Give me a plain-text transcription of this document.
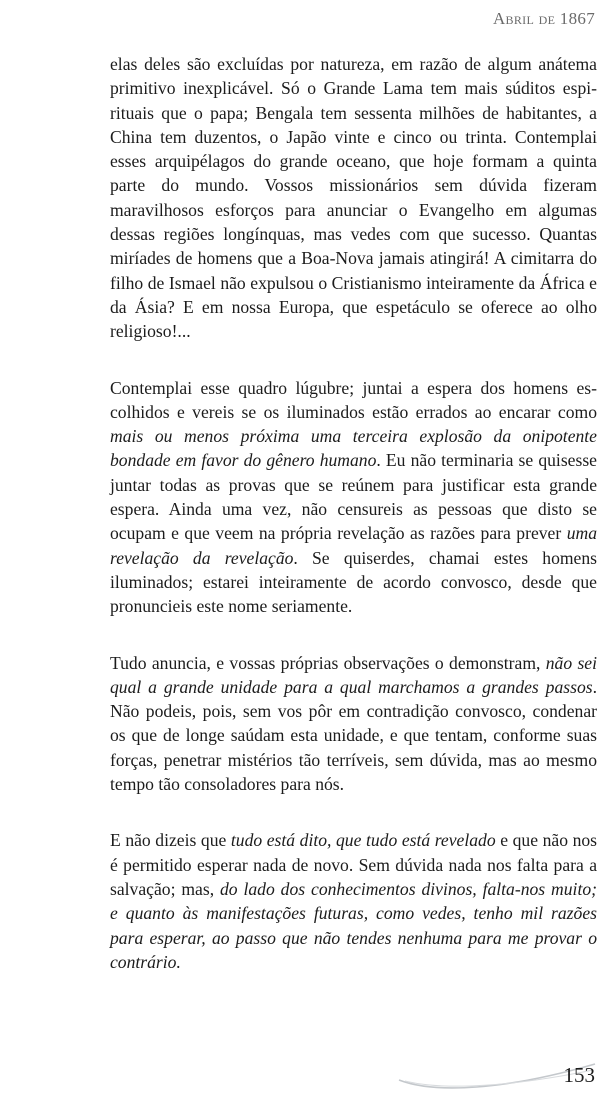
Abril de 1867

elas deles são excluídas por natureza, em razão de algum anátema primitivo inexplicável. Só o Grande Lama tem mais súditos espirituais que o papa; Bengala tem sessenta milhões de habitantes, a China tem duzentos, o Japão vinte e cinco ou trinta. Contemplai esses arquipélagos do grande oceano, que hoje formam a quinta parte do mundo. Vossos missionários sem dúvida fizeram maravilhosos esforços para anunciar o Evangelho em algumas dessas regiões longínquas, mas vedes com que sucesso. Quantas miríades de homens que a Boa-Nova jamais atingirá! A cimitarra do filho de Ismael não expulsou o Cristianismo inteiramente da África e da Ásia? E em nossa Europa, que espetáculo se oferece ao olho religioso!...

Contemplai esse quadro lúgubre; juntai a espera dos homens escolhidos e vereis se os iluminados estão errados ao encarar como mais ou menos próxima uma terceira explosão da onipotente bondade em favor do gênero humano. Eu não terminaria se quisesse juntar todas as provas que se reúnem para justificar esta grande espera. Ainda uma vez, não censureis as pessoas que disto se ocupam e que veem na própria revelação as razões para prever uma revelação da revelação. Se quiserdes, chamai estes homens iluminados; estarei inteiramente de acordo convosco, desde que pronuncieis este nome seriamente.

Tudo anuncia, e vossas próprias observações o demonstram, não sei qual a grande unidade para a qual marchamos a grandes passos. Não podeis, pois, sem vos pôr em contradição convosco, condenar os que de longe saúdam esta unidade, e que tentam, conforme suas forças, penetrar mistérios tão terríveis, sem dúvida, mas ao mesmo tempo tão consoladores para nós.

E não dizeis que tudo está dito, que tudo está revelado e que não nos é permitido esperar nada de novo. Sem dúvida nada nos falta para a salvação; mas, do lado dos conhecimentos divinos, falta-nos muito; e quanto às manifestações futuras, como vedes, tenho mil razões para esperar, ao passo que não tendes nenhuma para me provar o contrário.

153
